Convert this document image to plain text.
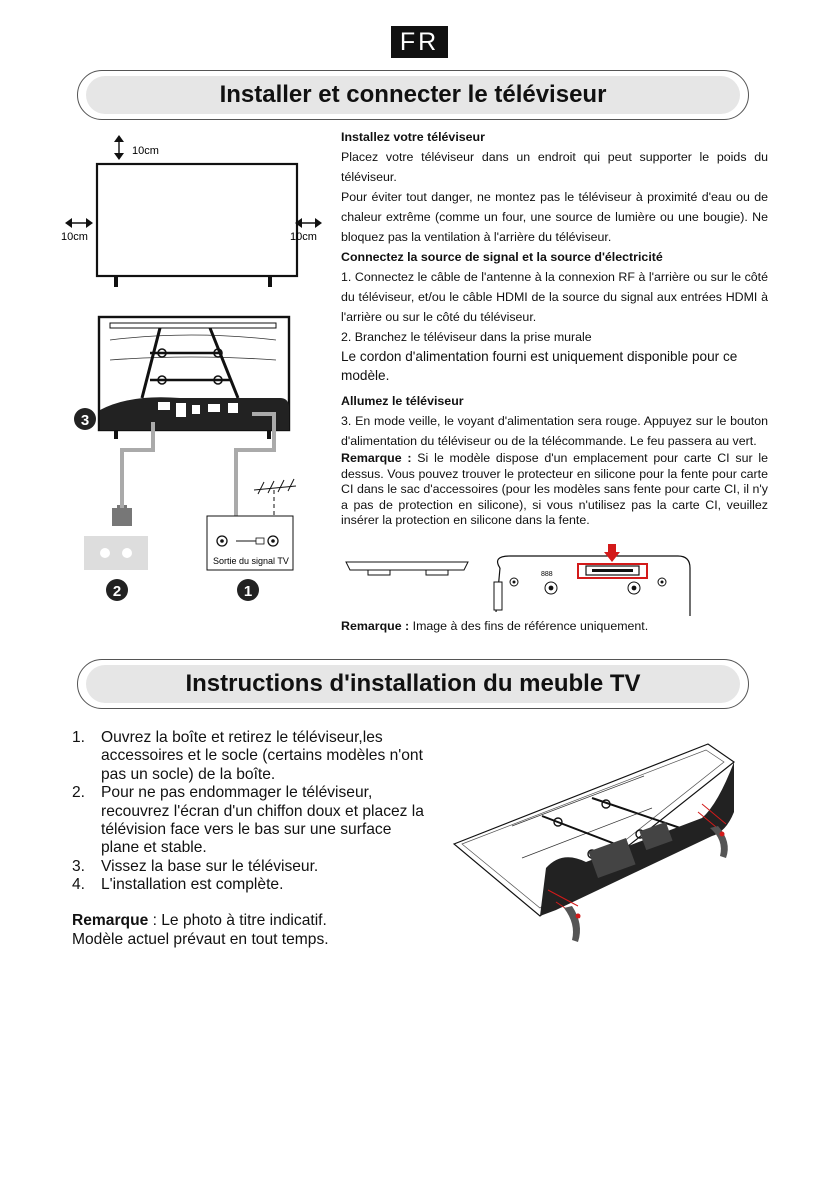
FR
Installer et connecter le téléviseur
10cm
10cm	10cm
Sortie du signal TV
3
2	1

Installez votre téléviseur

Placez votre téléviseur dans un endroit qui peut supporter le poids du téléviseur.

Pour éviter tout danger, ne montez pas le téléviseur à proximité d'eau ou de chaleur extrême (comme un four, une source de lumière ou une bougie). Ne bloquez pas la ventilation à l'arrière du téléviseur.

Connectez la source de signal et la source d'électricité

1. Connectez le câble de l'antenne à la connexion RF à l'arrière ou sur le côté du téléviseur, et/ou le câble HDMI de la source du signal aux entrées HDMI à l'arrière ou sur le côté du téléviseur.

2. Branchez le téléviseur dans la prise murale

Le cordon d'alimentation fourni est uniquement disponible pour ce modèle.

Allumez le téléviseur

3. En mode veille, le voyant d'alimentation sera rouge. Appuyez sur le bouton d'alimentation du téléviseur ou de la télécommande. Le feu passera au vert.

Remarque : Si le modèle dispose d'un emplacement pour carte CI sur le dessus. Vous pouvez trouver le protecteur en silicone pour la fente pour carte CI dans le sac d'accessoires (pour les modèles sans fente pour carte CI, il n'y a pas de protection en silicone), si vous n'utilisez pas la carte CI, veuillez insérer la protection en silicone dans la fente.

888
Remarque : Image à des fins de référence uniquement.
Instructions d'installation du meuble TV
1.	Ouvrez la boîte et retirez le téléviseur,les accessoires et le socle (certains modèles n'ont pas un socle) de la boîte.
2.	Pour ne pas endommager le téléviseur, recouvrez l'écran d'un chiffon doux et placez la télévision face vers le bas sur une surface plane et stable.
3.	Vissez la base sur le téléviseur.
4.	L'installation est complète.
Remarque : Le photo à titre indicatif.
Modèle actuel prévaut en tout temps.
